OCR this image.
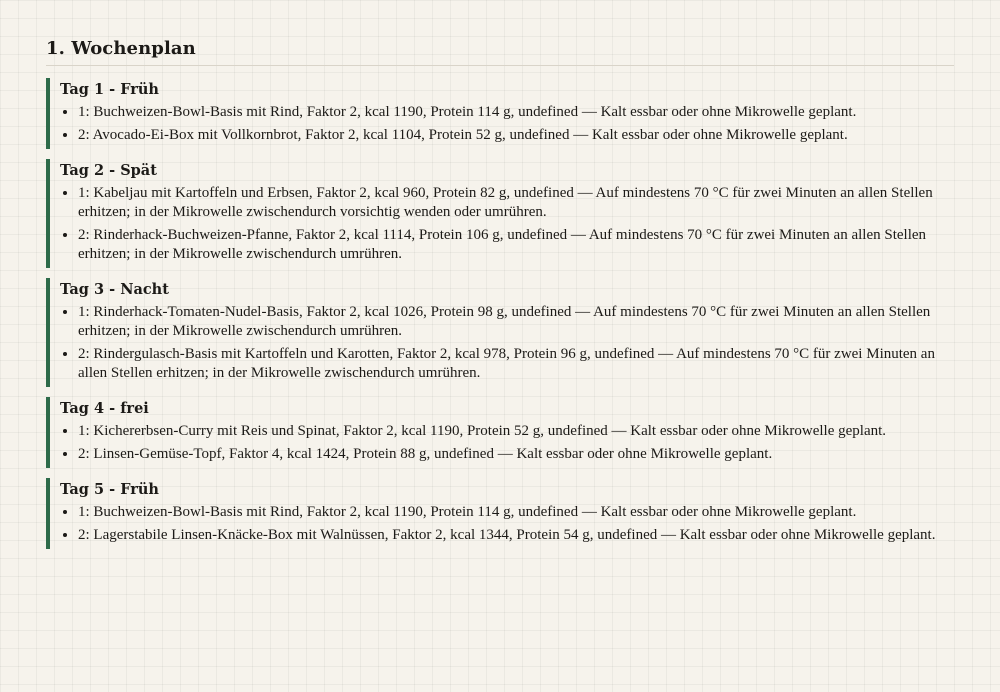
1. Wochenplan
Tag 1 - Früh
• 1: Buchweizen-Bowl-Basis mit Rind, Faktor 2, kcal 1190, Protein 114 g, undefined — Kalt essbar oder ohne Mikrowelle geplant.
• 2: Avocado-Ei-Box mit Vollkornbrot, Faktor 2, kcal 1104, Protein 52 g, undefined — Kalt essbar oder ohne Mikrowelle geplant.
Tag 2 - Spät
• 1: Kabeljau mit Kartoffeln und Erbsen, Faktor 2, kcal 960, Protein 82 g, undefined — Auf mindestens 70 °C für zwei Minuten an allen Stellen erhitzen; in der Mikrowelle zwischendurch vorsichtig wenden oder umrühren.
• 2: Rinderhack-Buchweizen-Pfanne, Faktor 2, kcal 1114, Protein 106 g, undefined — Auf mindestens 70 °C für zwei Minuten an allen Stellen erhitzen; in der Mikrowelle zwischendurch umrühren.
Tag 3 - Nacht
• 1: Rinderhack-Tomaten-Nudel-Basis, Faktor 2, kcal 1026, Protein 98 g, undefined — Auf mindestens 70 °C für zwei Minuten an allen Stellen erhitzen; in der Mikrowelle zwischendurch umrühren.
• 2: Rindergulasch-Basis mit Kartoffeln und Karotten, Faktor 2, kcal 978, Protein 96 g, undefined — Auf mindestens 70 °C für zwei Minuten an allen Stellen erhitzen; in der Mikrowelle zwischendurch umrühren.
Tag 4 - frei
• 1: Kichererbsen-Curry mit Reis und Spinat, Faktor 2, kcal 1190, Protein 52 g, undefined — Kalt essbar oder ohne Mikrowelle geplant.
• 2: Linsen-Gemüse-Topf, Faktor 4, kcal 1424, Protein 88 g, undefined — Kalt essbar oder ohne Mikrowelle geplant.
Tag 5 - Früh
• 1: Buchweizen-Bowl-Basis mit Rind, Faktor 2, kcal 1190, Protein 114 g, undefined — Kalt essbar oder ohne Mikrowelle geplant.
• 2: Lagerstabile Linsen-Knäcke-Box mit Walnüssen, Faktor 2, kcal 1344, Protein 54 g, undefined — Kalt essbar oder ohne Mikrowelle geplant.
